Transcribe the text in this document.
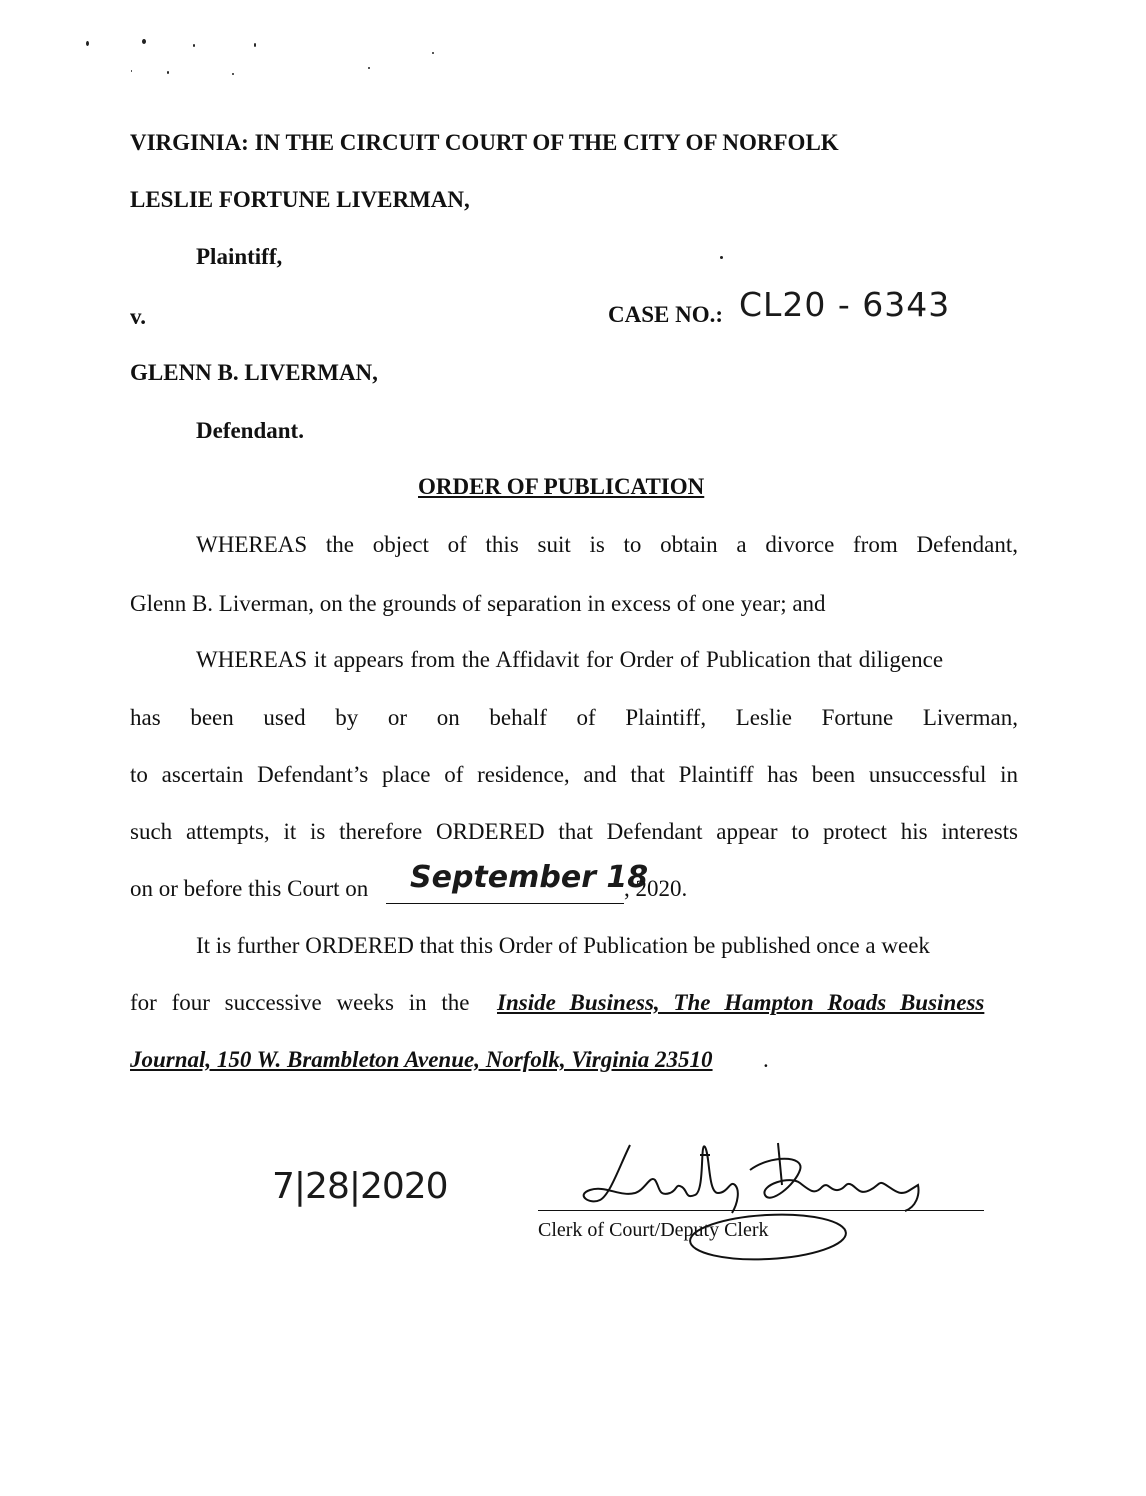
VIRGINIA: IN THE CIRCUIT COURT OF THE CITY OF NORFOLK
LESLIE FORTUNE LIVERMAN,
Plaintiff,
v.	CASE NO.: CL20 - 6343
GLENN B. LIVERMAN,
Defendant.
ORDER OF PUBLICATION
WHEREAS the object of this suit is to obtain a divorce from Defendant,
Glenn B. Liverman, on the grounds of separation in excess of one year; and
WHEREAS it appears from the Affidavit for Order of Publication that diligence
has been used by or on behalf of Plaintiff, Leslie Fortune Liverman,
to ascertain Defendant’s place of residence, and that Plaintiff has been unsuccessful in
such attempts, it is therefore ORDERED that Defendant appear to protect his interests
on or before this Court on September 18
, 2020.
It is further ORDERED that this Order of Publication be published once a week
for four successive weeks in the Inside Business, The Hampton Roads Business
Journal, 150 W. Brambleton Avenue, Norfolk, Virginia 23510 .
7|28|2020
Clerk of Court/Deputy Clerk
